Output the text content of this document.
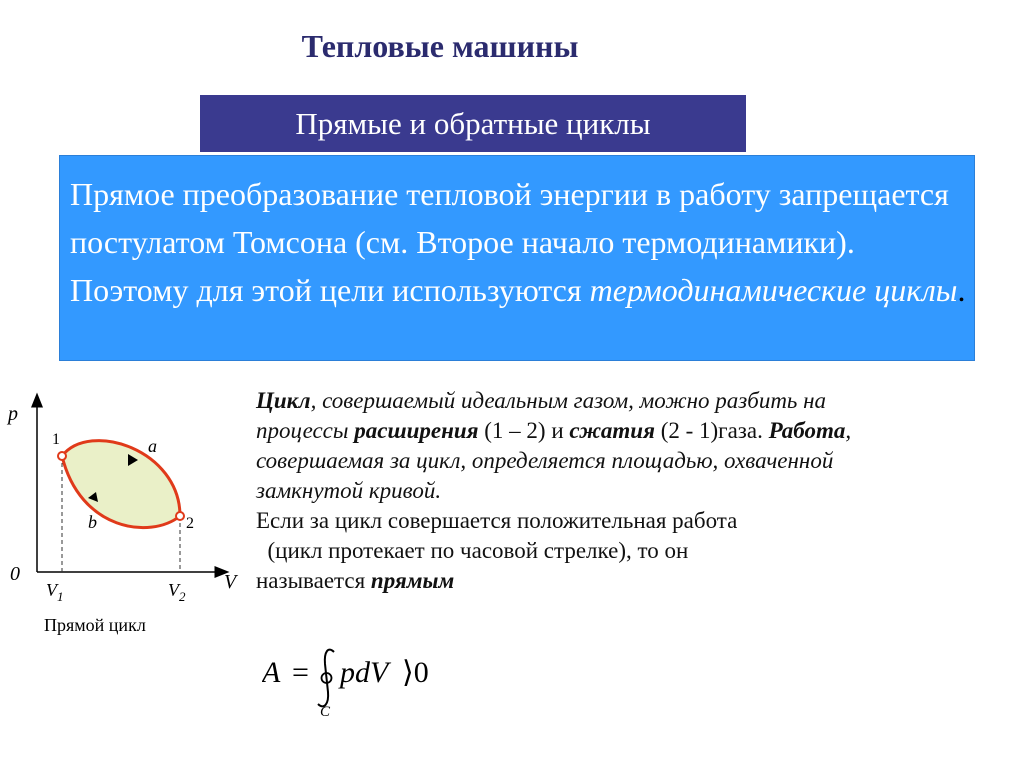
Тепловые машины
Прямые и обратные циклы

Прямое преобразование тепловой энергии в работу запрещается постулатом Томсона (см. Второе начало термодинамики). Поэтому для этой цели используются термодинамические циклы.

p
V
0
1
2
a
b
$V_1$	$V_2$
Прямой цикл
Цикл, совершаемый идеальным газом, можно разбить на
процессы расширения (1 – 2) и сжатия (2 - 1)газа. Работа,
совершаемая за цикл, определяется площадью, охваченной
замкнутой кривой.
Если за цикл совершается положительная работа
(цикл протекает по часовой стрелке), то он
называется прямым
A =
C
pdV ⟩0
